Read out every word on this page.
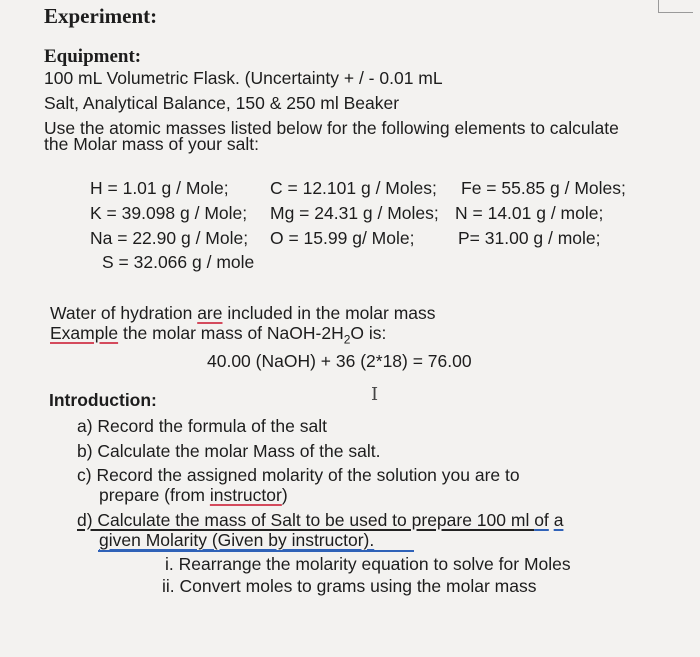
Experiment:
Equipment:
100 mL Volumetric Flask. (Uncertainty + / - 0.01 mL
Salt, Analytical Balance, 150 & 250 ml Beaker
Use the atomic masses listed below for the following elements to calculate
the Molar mass of your salt:
H = 1.01 g / Mole; C = 12.101 g / Moles; Fe = 55.85 g / Moles;
K = 39.098 g / Mole; Mg = 24.31 g / Moles; N = 14.01 g / mole;
Na = 22.90 g / Mole; O = 15.99 g/ Mole; P= 31.00 g / mole;
S = 32.066 g / mole
Water of hydration are included in the molar mass
Example the molar mass of NaOH-$2H_2O$ is:
40.00 (NaOH) + 36 (2*18) = 76.00
I
Introduction:
a) Record the formula of the salt
b) Calculate the molar Mass of the salt.
c) Record the assigned molarity of the solution you are to
prepare (from instructor)
d) Calculate the mass of Salt to be used to prepare 100 ml of a
given Molarity (Given by instructor).
i. Rearrange the molarity equation to solve for Moles
ii. Convert moles to grams using the molar mass
